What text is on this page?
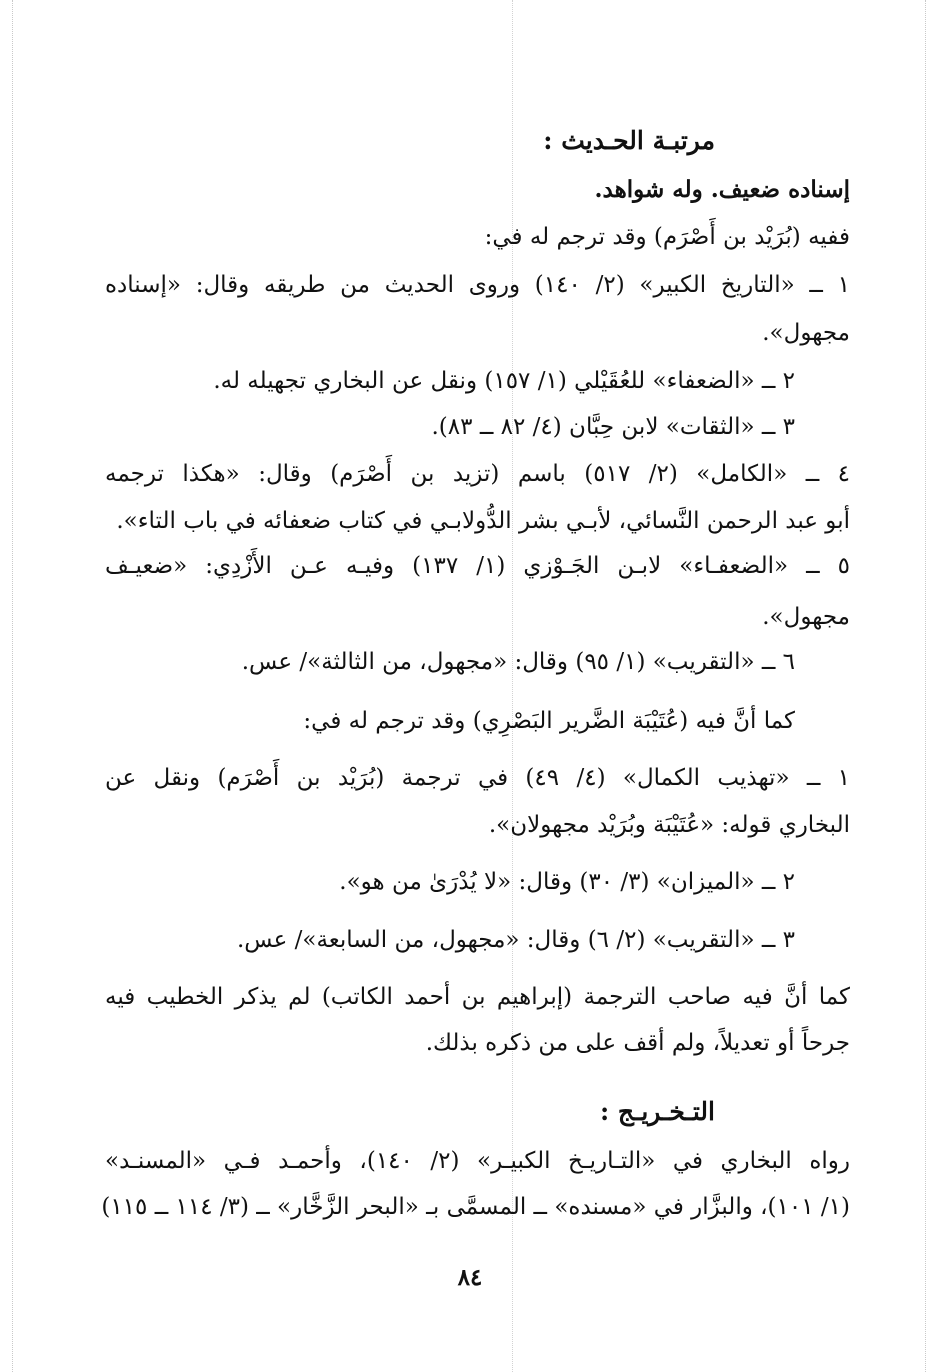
مرتبـة الحـديث :
إسناده ضعيف. وله شواهد.
ففيه (بُرَيْد بن أَصْرَم) وقد ترجم له في:
١ ــ «التاريخ الكبير» (٢/ ١٤٠) وروى الحديث من طريقه وقال: «إسناده
مجهول».
٢ ــ «الضعفاء» للعُقَيْلي (١/ ١٥٧) ونقل عن البخاري تجهيله له.
٣ ــ «الثقات» لابن حِبَّان (٤/ ٨٢ ــ ٨٣).
٤ ــ «الكامل» (٢/ ٥١٧) باسم (تزيد بن أَصْرَم) وقال: «هكذا ترجمه
أبو عبد الرحمن النَّسائي، لأبـي بشر الدُّولابـي في كتاب ضعفائه في باب التاء».
٥ ــ «الضعفـاء» لابـن الجَـوْزي (١/ ١٣٧) وفيـه عـن الأَزْدِي: «ضعيـف
مجهول».
٦ ــ «التقريب» (١/ ٩٥) وقال: «مجهول، من الثالثة»/ عس.
كما أنَّ فيه (عُتَيْبَة الضَّرير البَصْرِي) وقد ترجم له في:
١ ــ «تهذيب الكمال» (٤/ ٤٩) في ترجمة (بُرَيْد بن أَصْرَم) ونقل عن
البخاري قوله: «عُتَيْبَة وبُرَيْد مجهولان».
٢ ــ «الميزان» (٣/ ٣٠) وقال: «لا يُدْرَىٰ من هو».
٣ ــ «التقريب» (٢/ ٦) وقال: «مجهول، من السابعة»/ عس.
كما أنَّ فيه صاحب الترجمة (إبراهيم بن أحمد الكاتب) لم يذكر الخطيب فيه
جرحاً أو تعديلاً، ولم أقف على من ذكره بذلك.
التـخـريـج :
رواه البخاري في «التـاريـخ الكبيـر» (٢/ ١٤٠)، وأحمـد فـي «المسنـد»
(١/ ١٠١)، والبزَّار في «مسنده» ــ المسمَّى بـ «البحر الزَّخَّار» ــ (٣/ ١١٤ ــ ١١٥)
٨٤
